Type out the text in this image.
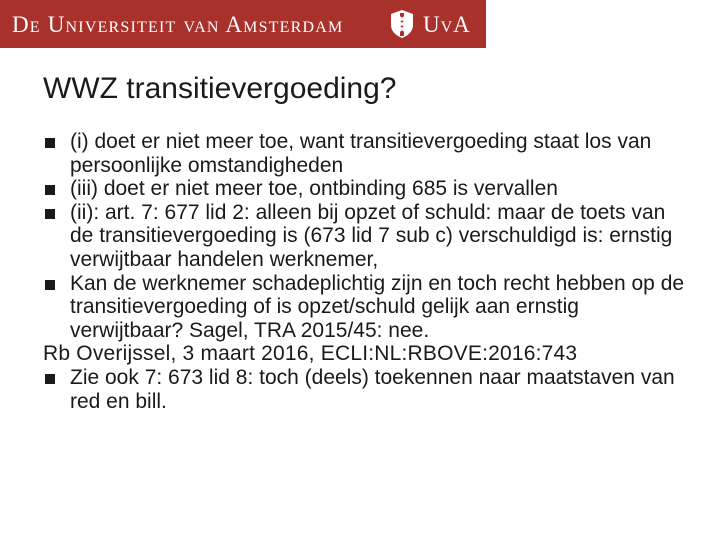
De Universiteit van Amsterdam	UvA
WWZ transitievergoeding?
(i) doet er niet meer toe, want transitievergoeding staat los van persoonlijke omstandigheden
(iii) doet er niet meer toe, ontbinding 685 is vervallen
(ii): art. 7: 677 lid 2: alleen bij opzet of schuld: maar de toets van de transitievergoeding is (673 lid 7 sub c) verschuldigd is: ernstig verwijtbaar handelen werknemer,
Kan de werknemer schadeplichtig zijn en toch recht hebben op de transitievergoeding of is opzet/schuld gelijk aan ernstig verwijtbaar? Sagel, TRA 2015/45: nee.
Rb Overijssel, 3 maart 2016, ECLI:NL:RBOVE:2016:743
Zie ook 7: 673 lid 8: toch (deels) toekennen naar maatstaven van red en bill.
